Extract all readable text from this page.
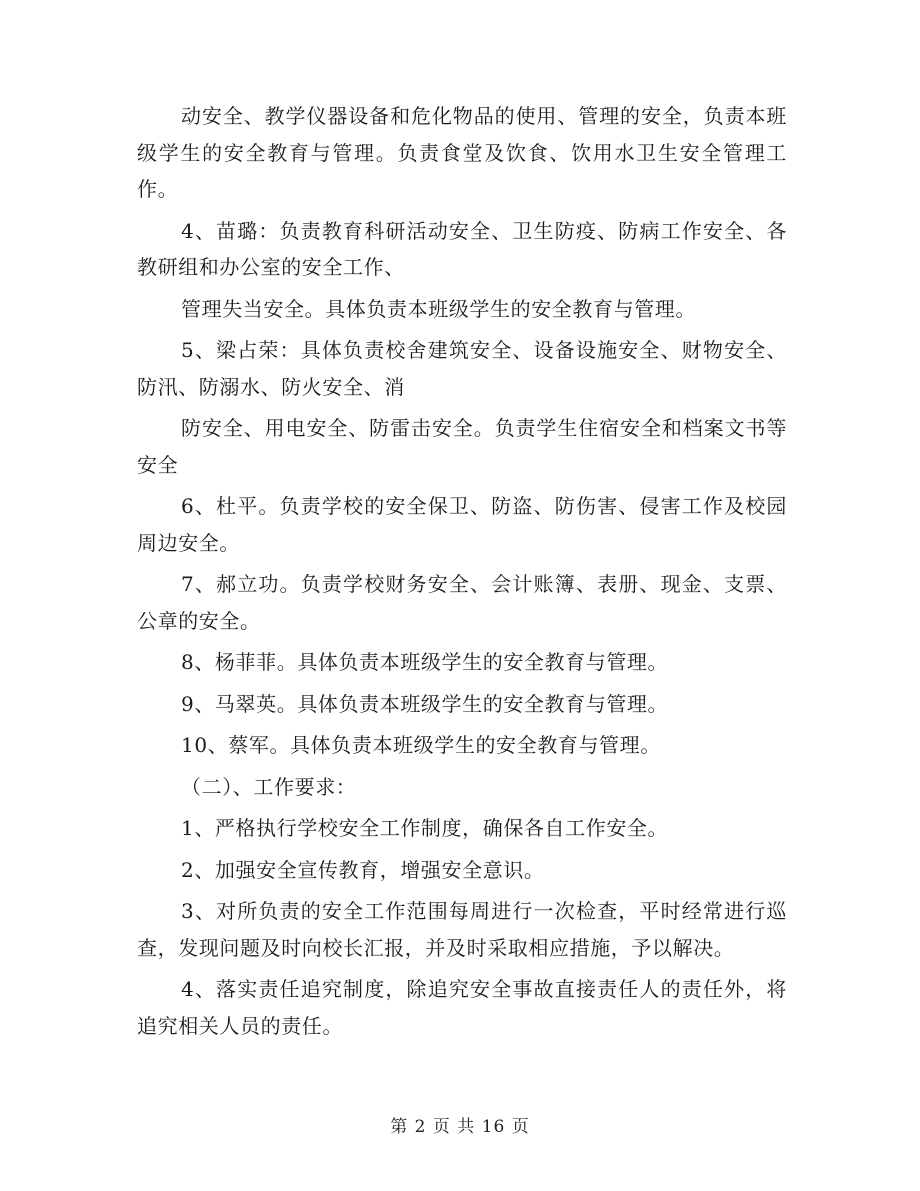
动安全、教学仪器设备和危化物品的使用、管理的安全，负责本班级学生的安全教育与管理。负责食堂及饮食、饮用水卫生安全管理工作。

4、苗璐：负责教育科研活动安全、卫生防疫、防病工作安全、各教研组和办公室的安全工作、

管理失当安全。具体负责本班级学生的安全教育与管理。

5、梁占荣：具体负责校舍建筑安全、设备设施安全、财物安全、防汛、防溺水、防火安全、消

防安全、用电安全、防雷击安全。负责学生住宿安全和档案文书等安全

6、杜平。负责学校的安全保卫、防盗、防伤害、侵害工作及校园周边安全。

7、郝立功。负责学校财务安全、会计账簿、表册、现金、支票、公章的安全。

8、杨菲菲。具体负责本班级学生的安全教育与管理。

9、马翠英。具体负责本班级学生的安全教育与管理。

10、蔡军。具体负责本班级学生的安全教育与管理。

（二）、工作要求：

1、严格执行学校安全工作制度，确保各自工作安全。

2、加强安全宣传教育，增强安全意识。

3、对所负责的安全工作范围每周进行一次检查，平时经常进行巡查，发现问题及时向校长汇报，并及时采取相应措施，予以解决。

4、落实责任追究制度，除追究安全事故直接责任人的责任外，将追究相关人员的责任。

第 2 页 共 16 页
